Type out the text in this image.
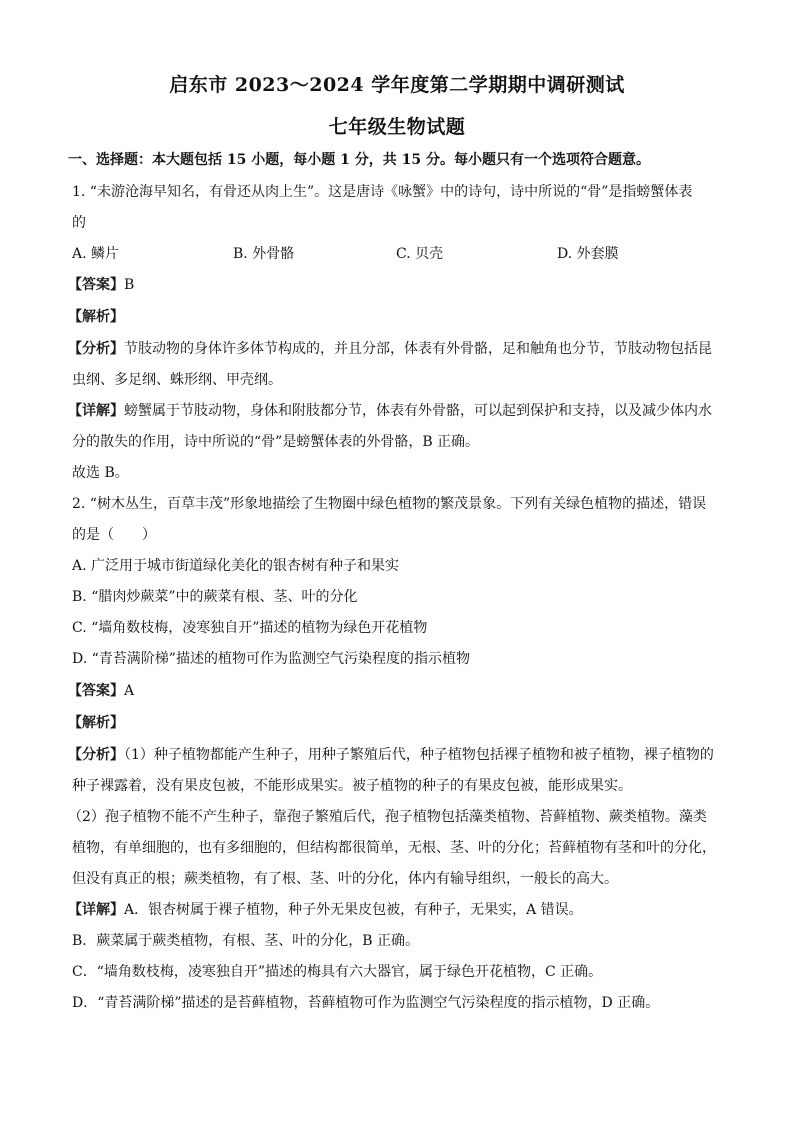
启东市 2023～2024 学年度第二学期期中调研测试
七年级生物试题
一、选择题：本大题包括 15 小题，每小题 1 分，共 15 分。每小题只有一个选项符合题意。
1. “未游沧海早知名，有骨还从肉上生”。这是唐诗《咏蟹》中的诗句，诗中所说的“骨”是指螃蟹体表
的
A. 鳞片	B. 外骨骼	C. 贝壳	D. 外套膜
【答案】B
【解析】
【分析】节肢动物的身体许多体节构成的，并且分部，体表有外骨骼，足和触角也分节，节肢动物包括昆
虫纲、多足纲、蛛形纲、甲壳纲。
【详解】螃蟹属于节肢动物，身体和附肢都分节，体表有外骨骼，可以起到保护和支持，以及减少体内水
分的散失的作用，诗中所说的“骨”是螃蟹体表的外骨骼，B 正确。
故选 B。
2. “树木丛生，百草丰茂”形象地描绘了生物圈中绿色植物的繁茂景象。下列有关绿色植物的描述，错误
的是（　　）
A. 广泛用于城市街道绿化美化的银杏树有种子和果实
B. “腊肉炒蕨菜”中的蕨菜有根、茎、叶的分化
C. “墙角数枝梅，凌寒独自开”描述的植物为绿色开花植物
D. “青苔满阶梯”描述的植物可作为监测空气污染程度的指示植物
【答案】A
【解析】
【分析】（1）种子植物都能产生种子，用种子繁殖后代，种子植物包括裸子植物和被子植物，裸子植物的
种子裸露着，没有果皮包被，不能形成果实。被子植物的种子的有果皮包被，能形成果实。
（2）孢子植物不能不产生种子，靠孢子繁殖后代，孢子植物包括藻类植物、苔藓植物、蕨类植物。藻类
植物，有单细胞的，也有多细胞的，但结构都很简单，无根、茎、叶的分化；苔藓植物有茎和叶的分化，
但没有真正的根；蕨类植物，有了根、茎、叶的分化，体内有输导组织，一般长的高大。
【详解】A．银杏树属于裸子植物，种子外无果皮包被，有种子，无果实，A 错误。
B．蕨菜属于蕨类植物，有根、茎、叶的分化，B 正确。
C．“墙角数枝梅，凌寒独自开”描述的梅具有六大器官，属于绿色开花植物，C 正确。
D．“青苔满阶梯”描述的是苔藓植物，苔藓植物可作为监测空气污染程度的指示植物，D 正确。
